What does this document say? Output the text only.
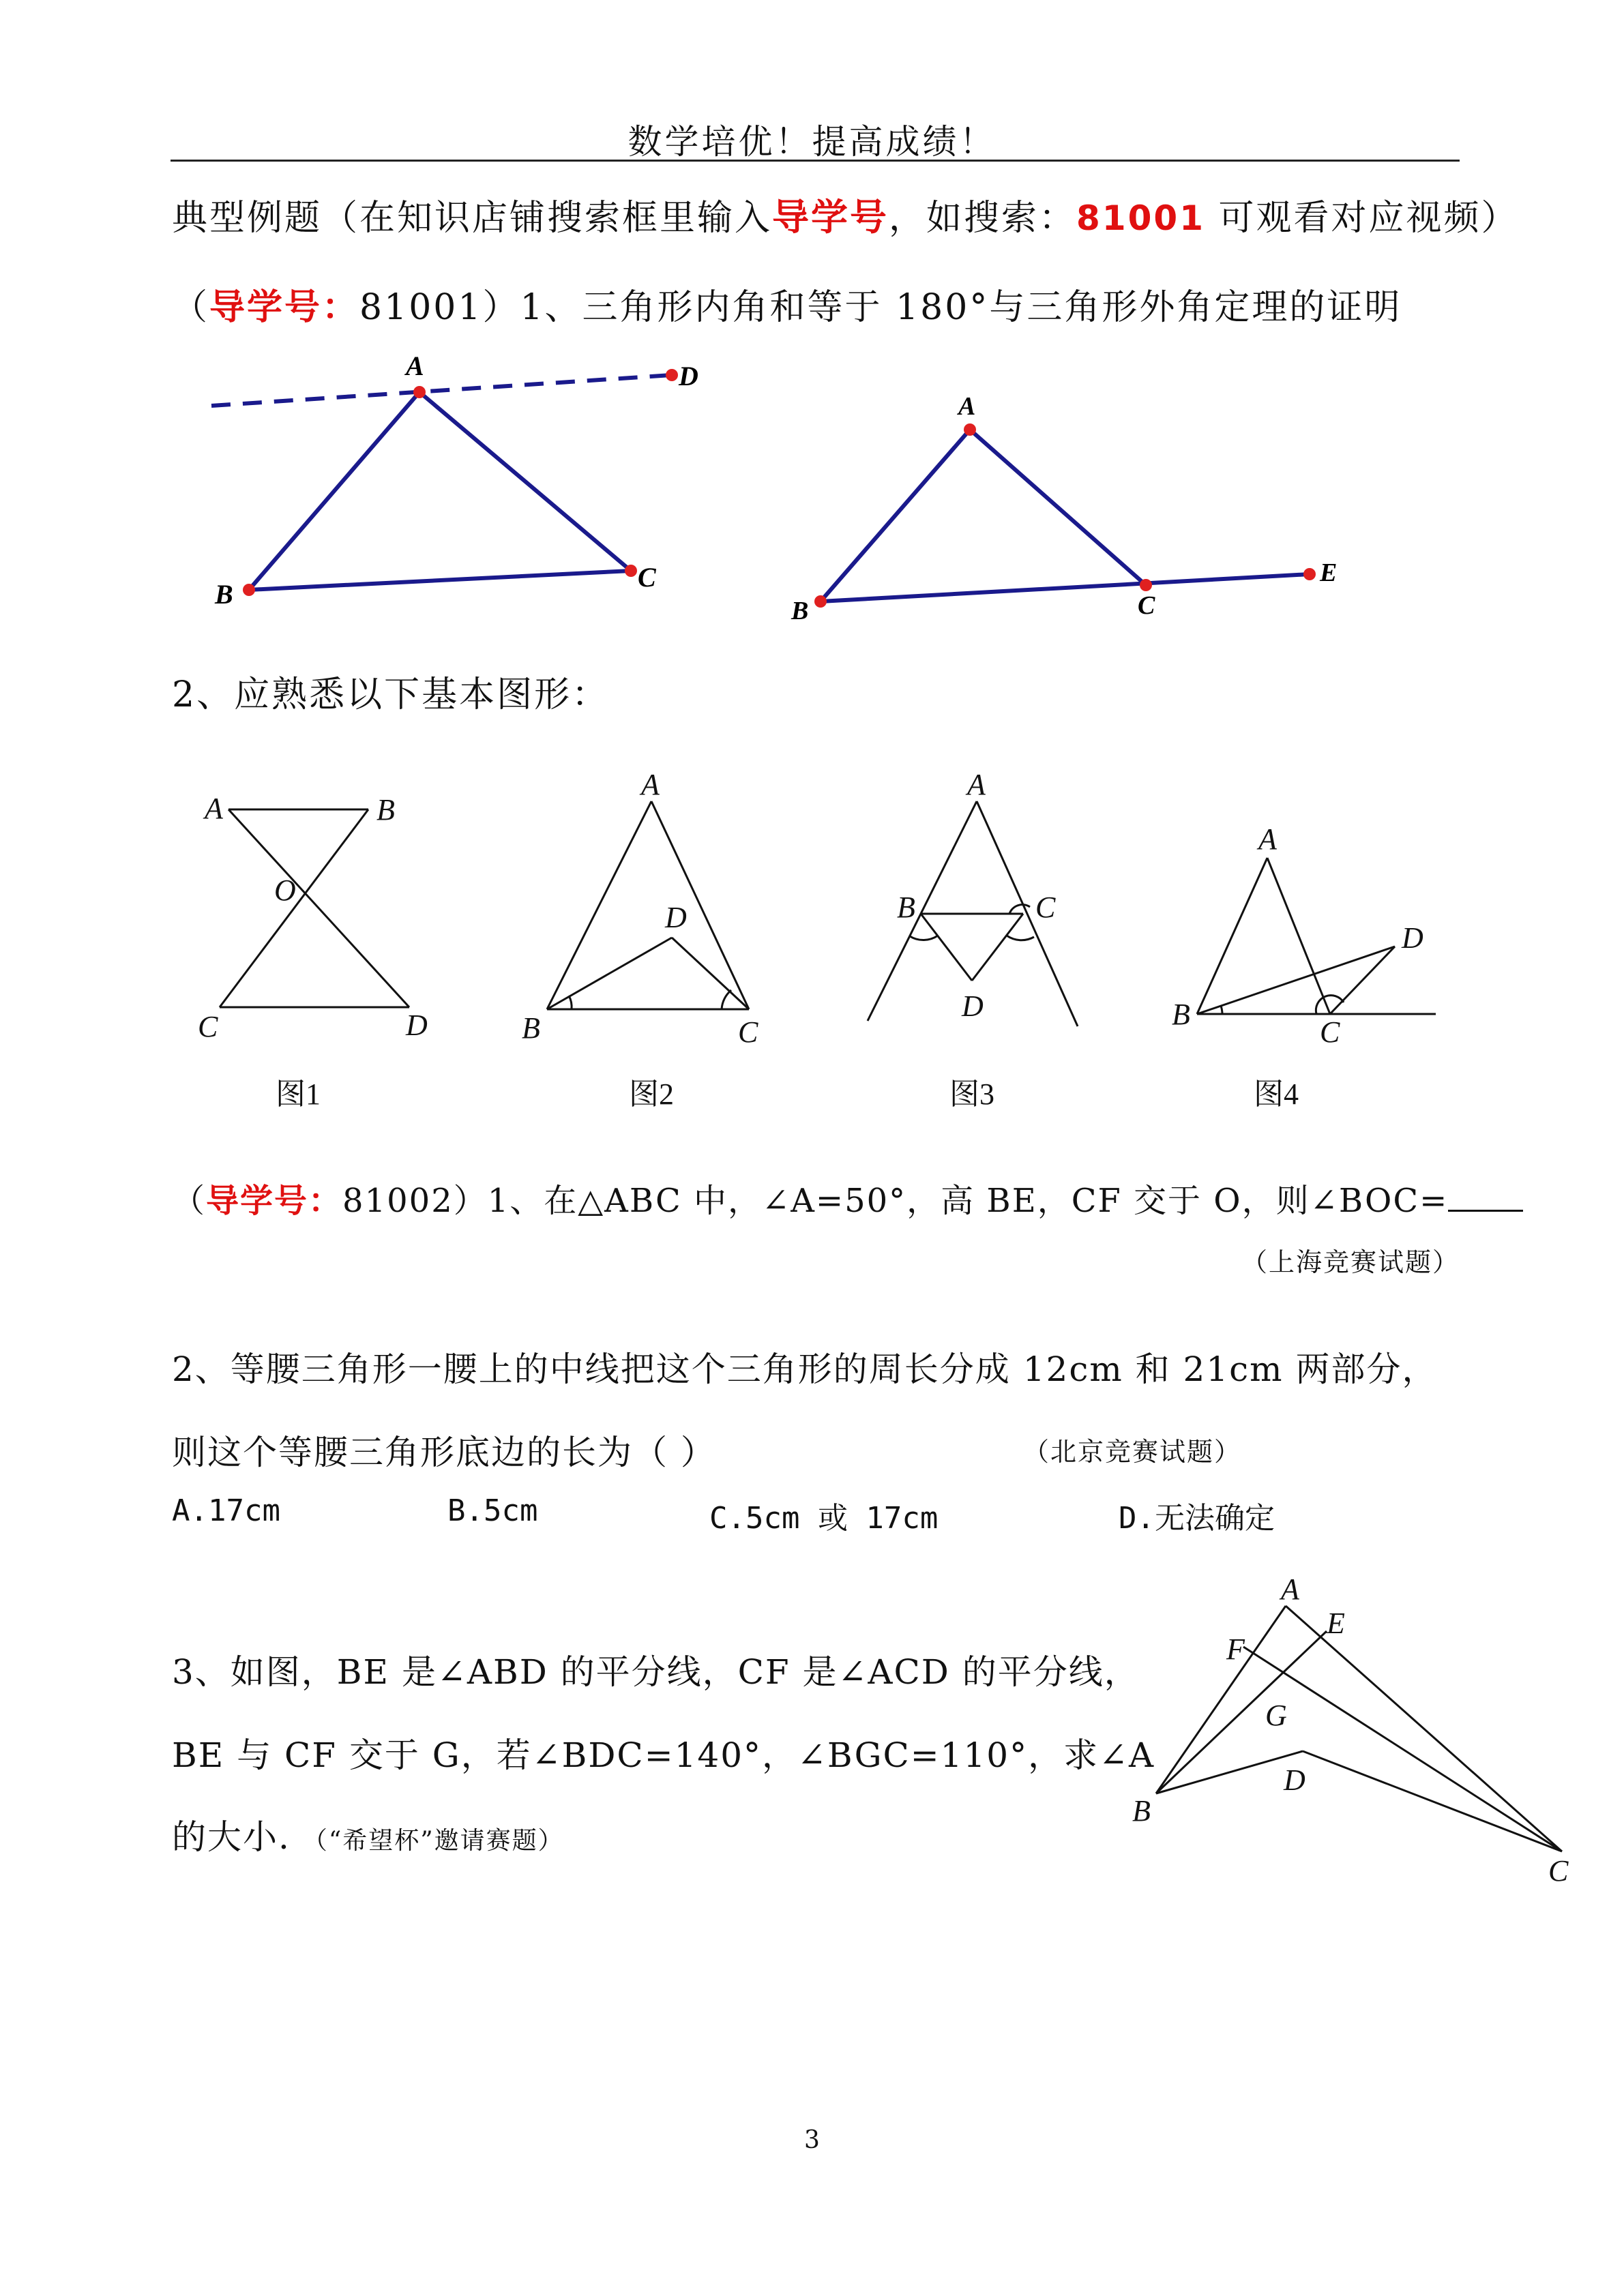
数学培优！提高成绩！
典型例题（在知识店铺搜索框里输入导学号，如搜索：81001 可观看对应视频）
（导学号：81001）1、三角形内角和等于 180°与三角形外角定理的证明
A	D
B
C
A
B	C
E
2、应熟悉以下基本图形：
A	B
O
C	D
A
D
B	C
A
B	C
D
A
D
B
C
图1	图2	图3	图4
（导学号：81002）1、在△ABC 中，∠A=50°，高 BE，CF 交于 O，则∠BOC=
（上海竞赛试题）
2、等腰三角形一腰上的中线把这个三角形的周长分成 12cm 和 21cm 两部分，
则这个等腰三角形底边的长为（ ）	（北京竞赛试题）
A.17cm	B.5cm	C.5cm 或 17cm	D.无法确定
3、如图，BE 是∠ABD 的平分线，CF 是∠ACD 的平分线，
BE 与 CF 交于 G，若∠BDC=140°，∠BGC=110°，求∠A
的大小. （“希望杯”邀请赛题）
A
E
F
G
B
D
C
3
